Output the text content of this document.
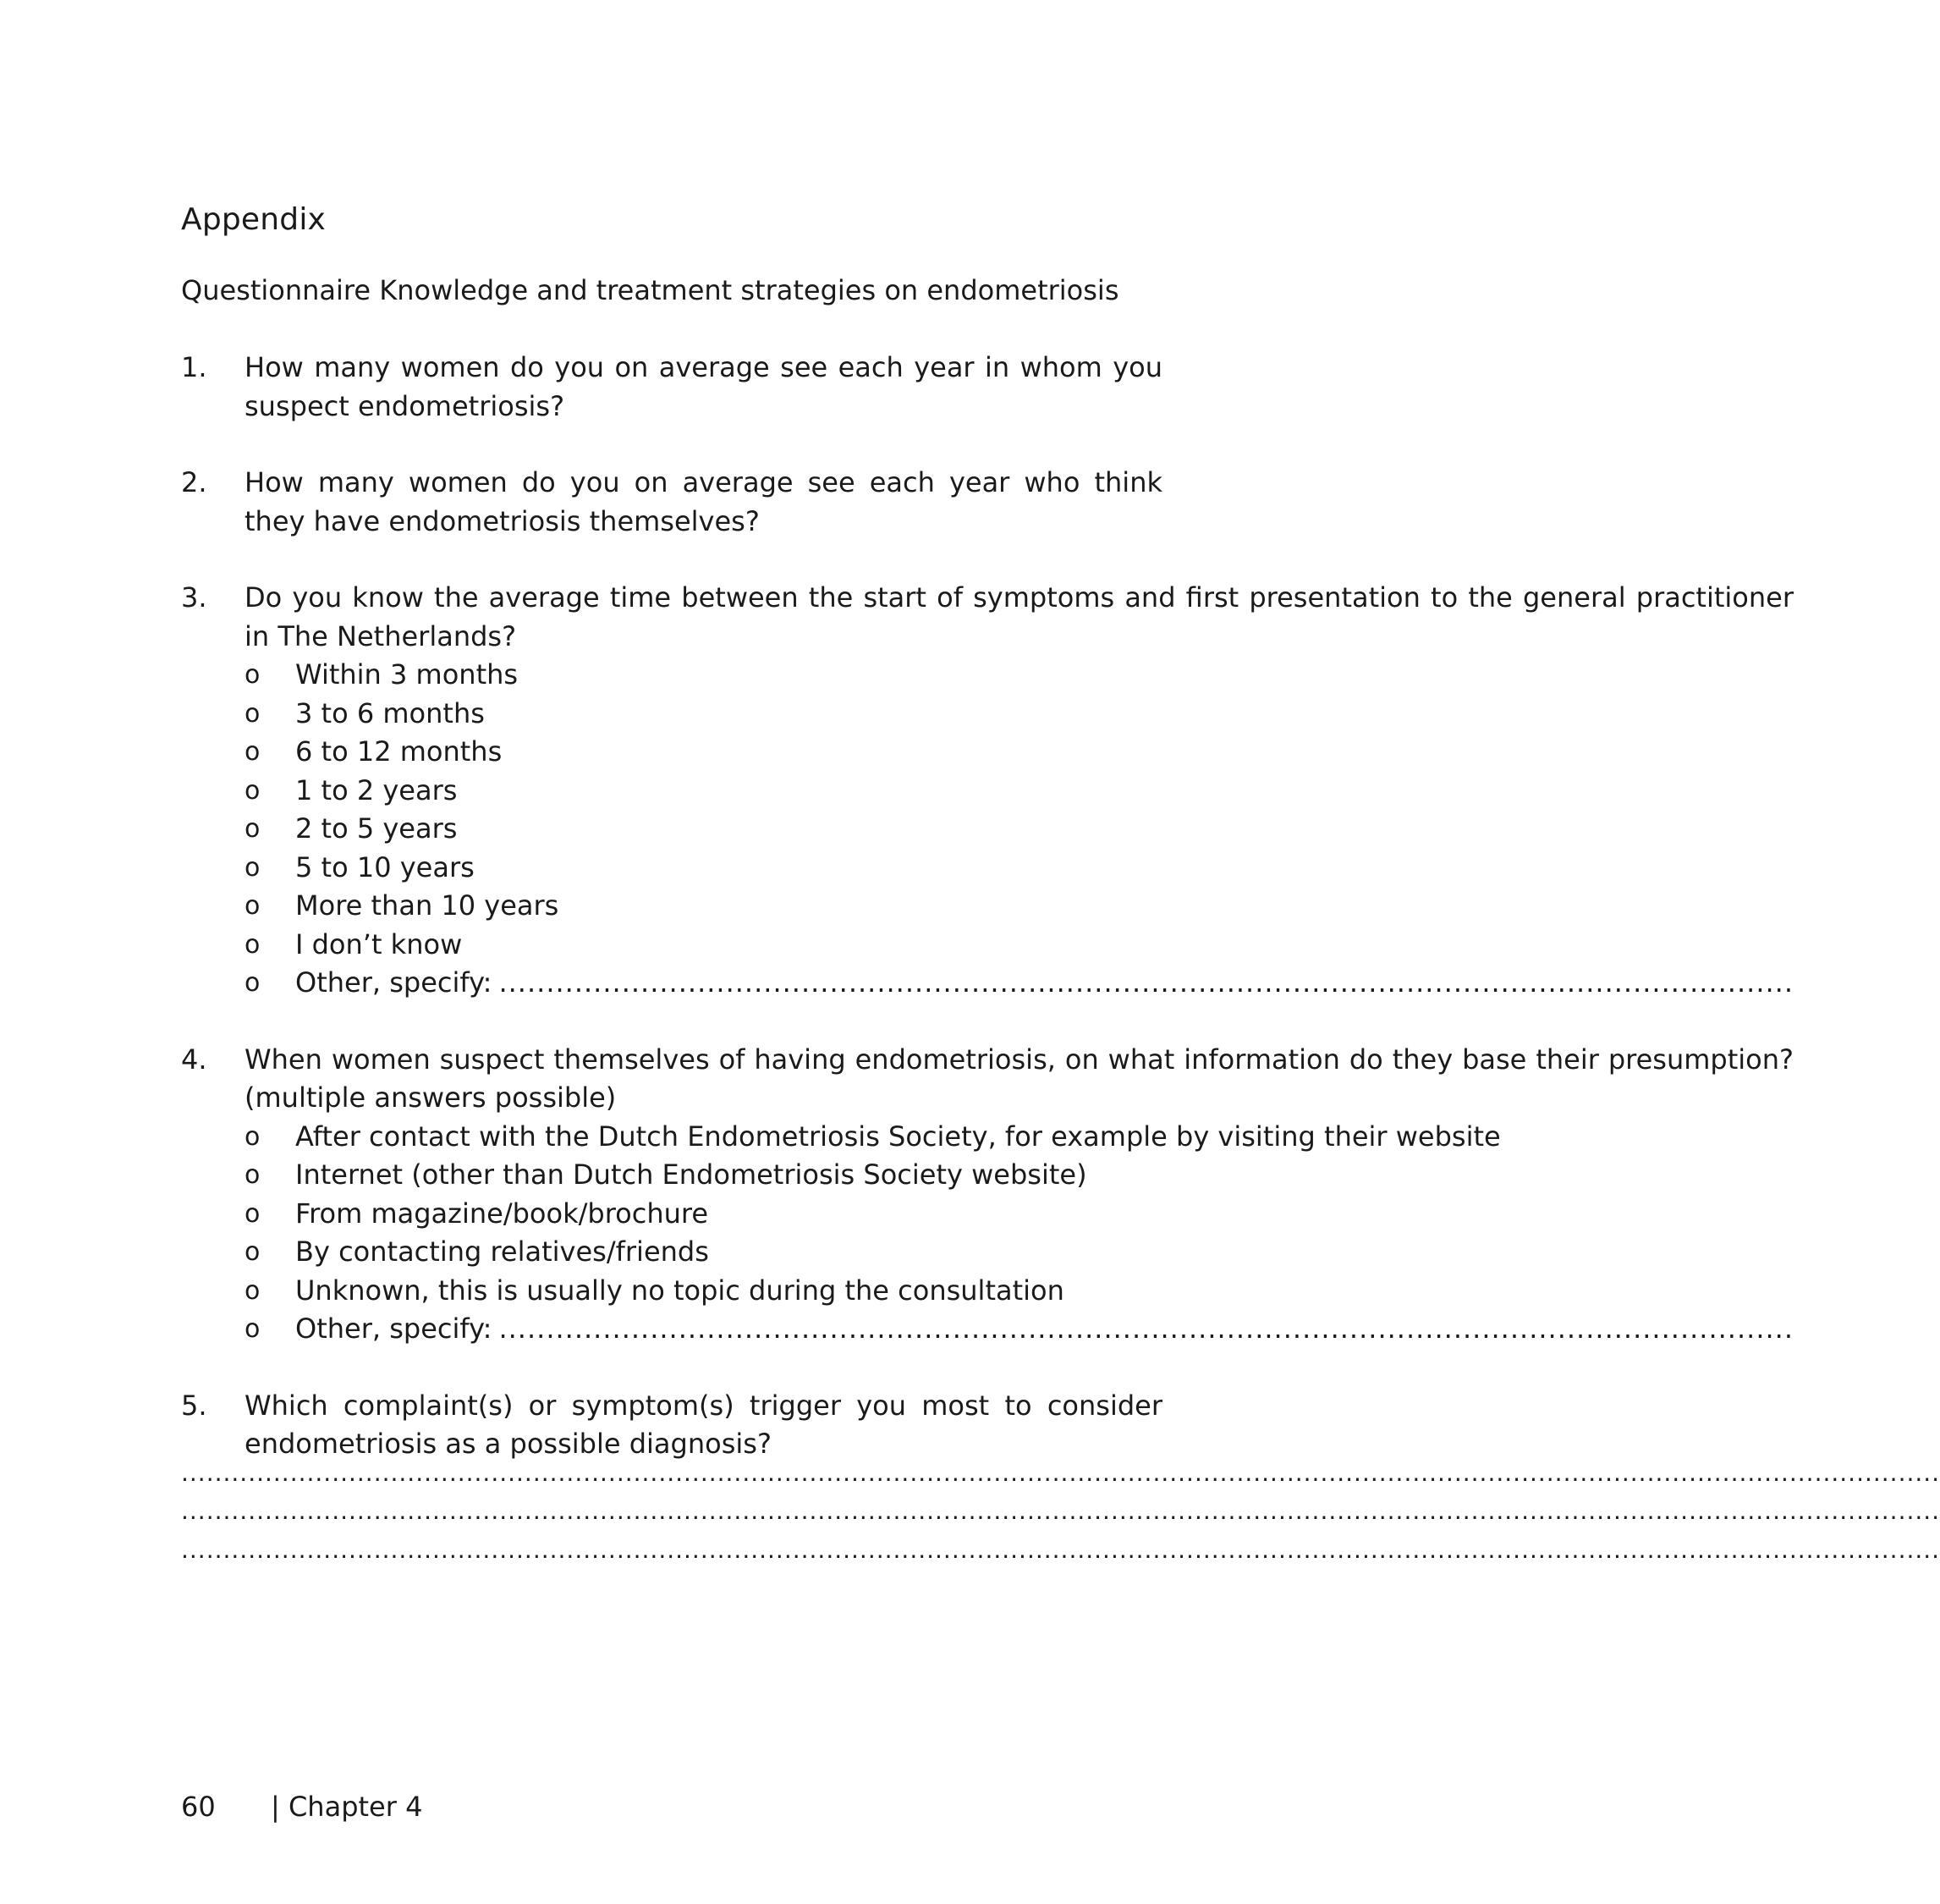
Appendix

Questionnaire Knowledge and treatment strategies on endometriosis

1.	How many women do you on average see each year in whom you suspect endometriosis?
2.	How many women do you on average see each year who think they have endometriosis themselves?
3.	Do you know the average time between the start of symptoms and first presentation to the general practitioner in The Netherlands?
o	Within 3 months
o	3 to 6 months
o	6 to 12 months
o	1 to 2 years
o	2 to 5 years
o	5 to 10 years
o	More than 10 years
o	I don’t know
o	Other, specify: .........................................................................................................................................
4.	When women suspect themselves of having endometriosis, on what information do they base their presumption? (multiple answers possible)
o	After contact with the Dutch Endometriosis Society, for example by visiting their website
o	Internet (other than Dutch Endometriosis Society website)
o	From magazine/book/brochure
o	By contacting relatives/friends
o	Unknown, this is usually no topic during the consultation
o	Other, specify: .........................................................................................................................................
5.	Which complaint(s) or symptom(s) trigger you most to consider endometriosis as a possible diagnosis?
..................................................................................................................................................................................................................
..................................................................................................................................................................................................................
..................................................................................................................................................................................................................
60	| Chapter 4
